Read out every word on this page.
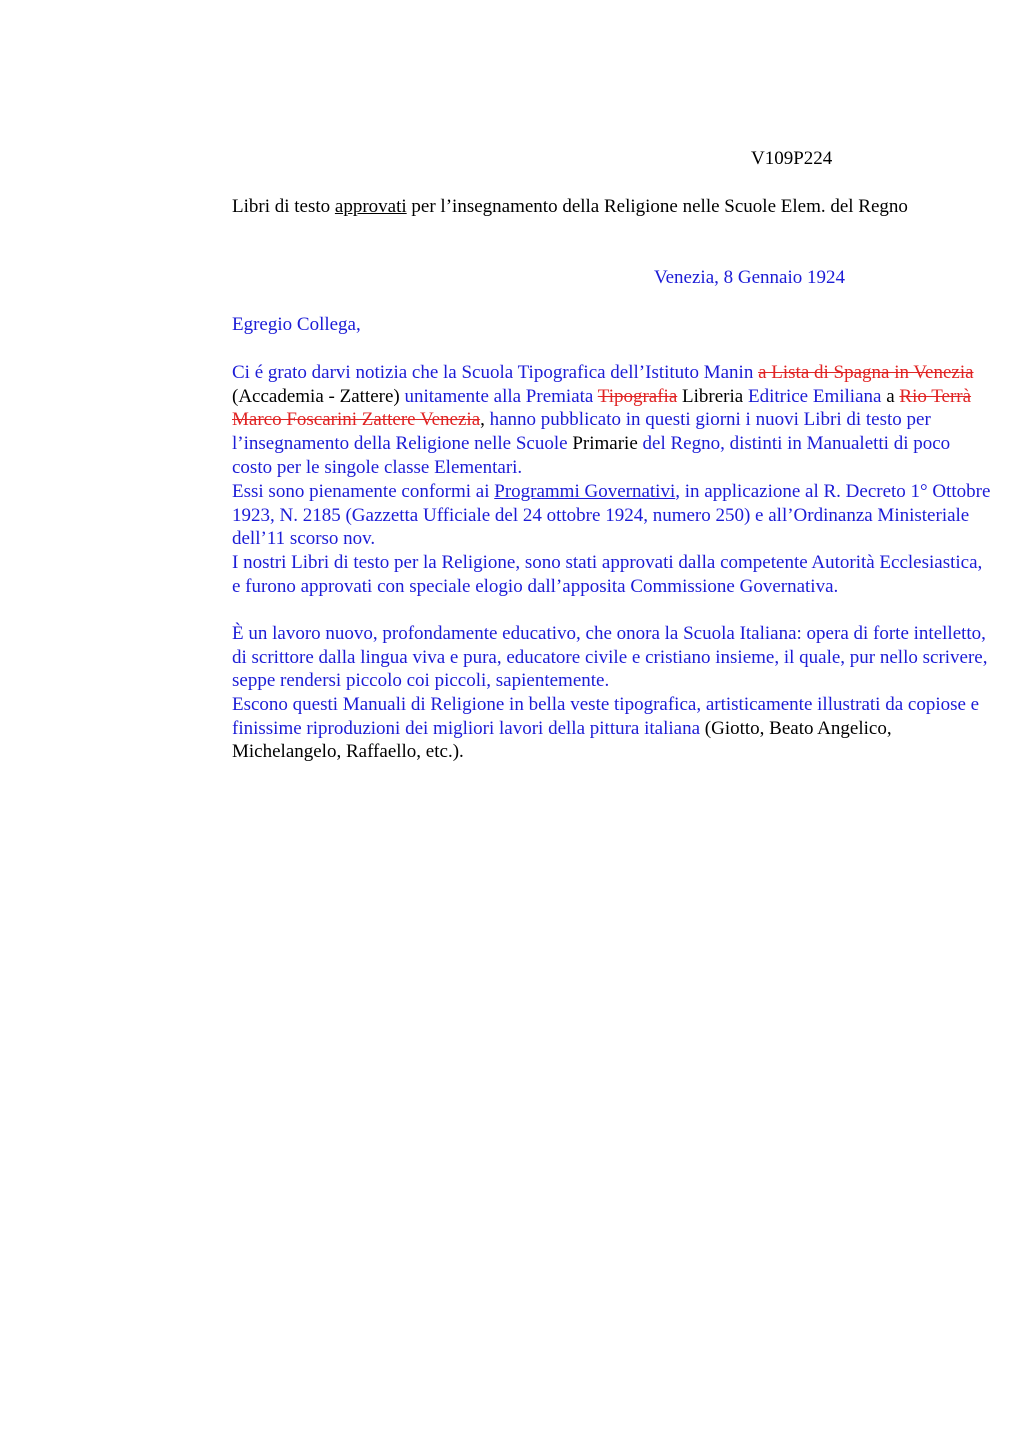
V109P224

Libri di testo approvati per l’insegnamento della Religione nelle Scuole Elem. del Regno

Venezia, 8 Gennaio 1924

Egregio Collega,

Ci é grato darvi notizia che la Scuola Tipografica dell’Istituto Manin a Lista di Spagna in Venezia (Accademia - Zattere) unitamente alla Premiata Tipografia Libreria Editrice Emiliana a Rio Terrà Marco Foscarini Zattere Venezia, hanno pubblicato in questi giorni i nuovi Libri di testo per l’insegnamento della Religione nelle Scuole Primarie del Regno, distinti in Manualetti di poco costo per le singole classe Elementari.

Essi sono pienamente conformi ai Programmi Governativi, in applicazione al R. Decreto 1° Ottobre 1923, N. 2185 (Gazzetta Ufficiale del 24 ottobre 1924, numero 250) e all’Ordinanza Ministeriale dell’11 scorso nov.

I nostri Libri di testo per la Religione, sono stati approvati dalla competente Autorità Ecclesiastica, e furono approvati con speciale elogio dall’apposita Commissione Governativa.

È un lavoro nuovo, profondamente educativo, che onora la Scuola Italiana: opera di forte intelletto, di scrittore dalla lingua viva e pura, educatore civile e cristiano insieme, il quale, pur nello scrivere, seppe rendersi piccolo coi piccoli, sapientemente.

Escono questi Manuali di Religione in bella veste tipografica, artisticamente illustrati da copiose e finissime riproduzioni dei migliori lavori della pittura italiana (Giotto, Beato Angelico, Michelangelo, Raffaello, etc.).
